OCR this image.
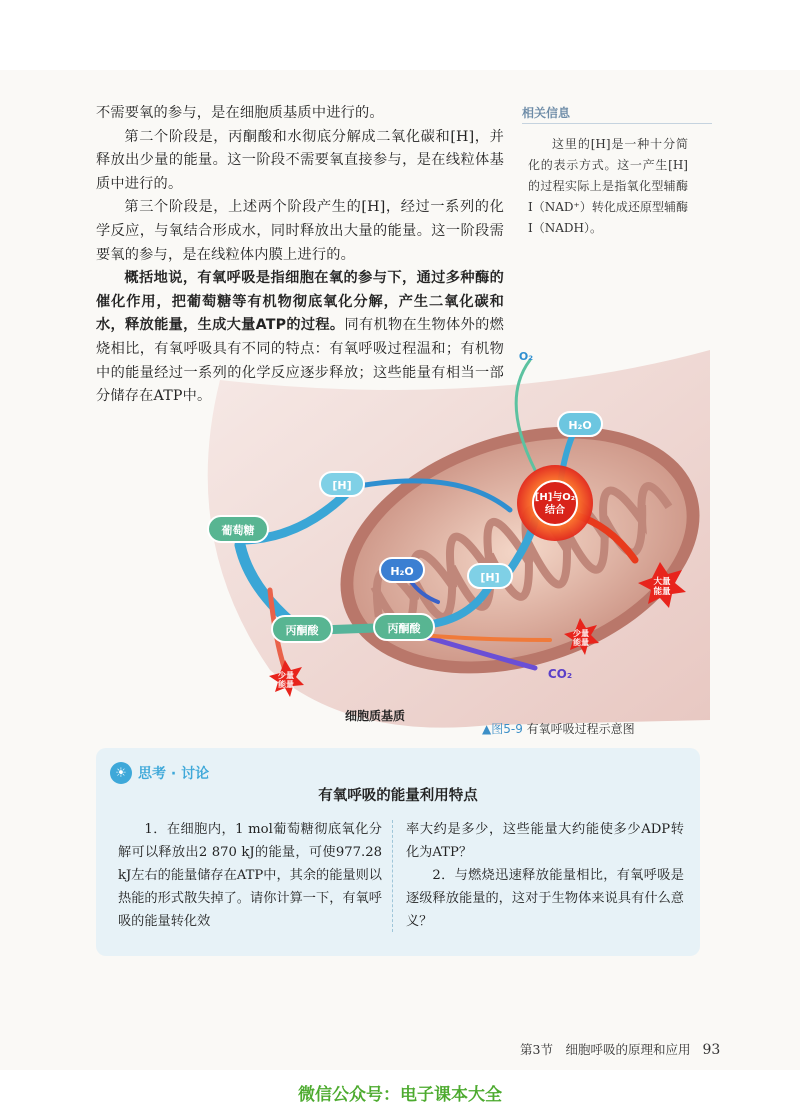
不需要氧的参与，是在细胞质基质中进行的。

第二个阶段是，丙酮酸和水彻底分解成二氧化碳和[H]，并释放出少量的能量。这一阶段不需要氧直接参与，是在线粒体基质中进行的。

第三个阶段是，上述两个阶段产生的[H]，经过一系列的化学反应，与氧结合形成水，同时释放出大量的能量。这一阶段需要氧的参与，是在线粒体内膜上进行的。

概括地说，有氧呼吸是指细胞在氧的参与下，通过多种酶的催化作用，把葡萄糖等有机物彻底氧化分解，产生二氧化碳和水，释放能量，生成大量ATP的过程。同有机物在生物体外的燃烧相比，有氧呼吸具有不同的特点：有氧呼吸过程温和；有机物中的能量经过一系列的化学反应逐步释放；这些能量有相当一部分储存在ATP中。

相关信息
这里的[H]是一种十分简化的表示方式。这一产生[H]的过程实际上是指氧化型辅酶Ⅰ（NAD⁺）转化成还原型辅酶Ⅰ（NADH）。
葡萄糖
[H]
丙酮酸	丙酮酸
H₂O	[H]
H₂O
[H]与O₂
结合
O₂
CO₂
少量
能量
少量
能量
大量
能量
细胞质基质
▲图5-9 有氧呼吸过程示意图
☀ 思考 · 讨论
有氧呼吸的能量利用特点

1．在细胞内，1 mol葡萄糖彻底氧化分解可以释放出2 870 kJ的能量，可使977.28 kJ左右的能量储存在ATP中，其余的能量则以热能的形式散失掉了。请你计算一下，有氧呼吸的能量转化效

率大约是多少，这些能量大约能使多少ADP转化为ATP？

2．与燃烧迅速释放能量相比，有氧呼吸是逐级释放能量的，这对于生物体来说具有什么意义？

第3节　细胞呼吸的原理和应用 93
微信公众号：电子课本大全
